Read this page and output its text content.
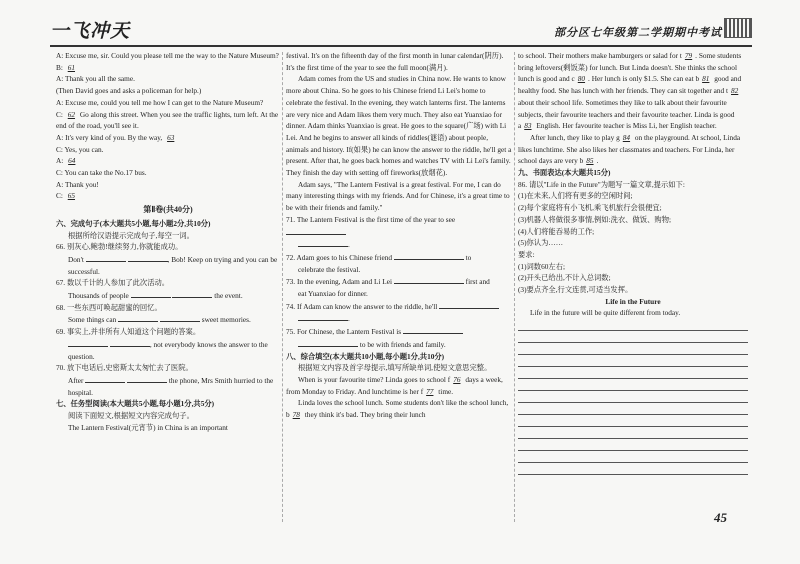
一飞冲天	部分区七年级第二学期期中考试

A: Excuse me, sir. Could you please tell me the way to the Nature Museum?

B: 61

A: Thank you all the same.

(Then David goes and asks a policeman for help.)

A: Excuse me, could you tell me how I can get to the Nature Museum?

C: 62 Go along this street. When you see the traffic lights, turn left. At the end of the road, you'll see it.

A: It's very kind of you. By the way, 63

C: Yes, you can.

A: 64

C: You can take the No.17 bus.

A: Thank you!

C: 65

第Ⅱ卷(共40分)

六、完成句子(本大题共5小题,每小题2分,共10分)

根据所给汉语提示完成句子,每空一词。

66. 别灰心,鲍勃!继续努力,你就能成功。

Don't	, Bob! Keep on trying and you can be successful.

67. 数以千计的人参加了此次活动。

Thousands of people	the event.

68. 一些东西可唤起甜蜜的回忆。

Some things can	sweet memories.

69. 事实上,并非所有人知道这个问题的答案。

, not everybody knows the answer to the question.

70. 放下电话后,史密斯太太匆忙去了医院。

After	the phone, Mrs Smith hurried to the hospital.

七、任务型阅读(本大题共5小题,每小题1分,共5分)

阅读下面短文,根据短文内容完成句子。

The Lantern Festival(元宵节) in China is an important

festival. It's on the fifteenth day of the first month in lunar calendar(阴历). It's the first time of the year to see the full moon(满月).

Adam comes from the US and studies in China now. He wants to know more about China. So he goes to his Chinese friend Li Lei's home to celebrate the festival. In the evening, they watch lanterns first. The lanterns are very nice and Adam likes them very much. They also eat Yuanxiao for dinner. Adam thinks Yuanxiao is great. He goes to the square(广场) with Li Lei. And he begins to answer all kinds of riddles(谜语) about people, animals and history. If(如果) he can know the answer to the riddle, he'll get a present. After that, he goes back homes and watches TV with Li Lei's family. They finish the day with setting off fireworks(放烟花).

Adam says, "The Lantern Festival is a great festival. For me, I can do many interesting things with my friends. And for Chinese, it's a great time to be with their friends and family."

71. The Lantern Festival is the first time of the year to see

.

72. Adam goes to his Chinese friend	to

celebrate the festival.

73. In the evening, Adam and Li Lei	first and

eat Yuanxiao for dinner.

74. If Adam can know the answer to the riddle, he'll

.

75. For Chinese, the Lantern Festival is

to be with friends and family.

八、综合填空(本大题共10小题,每小题1分,共10分)

根据短文内容及首字母提示,填写所缺单词,使短文意思完整。

When is your favourite time? Linda goes to school f 76 days a week, from Monday to Friday. And lunchtime is her f 77 time.

Linda loves the school lunch. Some students don't like the school lunch, b 78 they think it's bad. They bring their lunch

to school. Their mothers make hamburgers or salad for t 79 . Some students bring leftovers(剩饭菜) for lunch. But Linda doesn't. She thinks the school lunch is good and c 80 . Her lunch is only $1.5. She can eat b 81 good and healthy food. She has lunch with her friends. They can sit together and t 82 about their school life. Sometimes they like to talk about their favourite subjects, their favourite teachers and their favourite teacher. Linda is good a 83 English. Her favourite teacher is Miss Li, her English teacher.

After lunch, they like to play g 84 on the playground. At school, Linda likes lunchtime. She also likes her classmates and teachers. For Linda, her school days are very b 85 .

九、书面表达(本大题共15分)

86. 请以"Life in the Future"为题写一篇文章,提示如下:

(1)在未来,人们将有更多的空闲时间;

(2)每个家庭将有小飞机,乘飞机旅行会很便宜;

(3)机器人将做很多事情,例如:洗衣、做饭、购物;

(4)人们将能吞易的工作;

(5)你认为……

要求:

(1)词数60左右;

(2)开头已给出,不计入总词数;

(3)要点齐全,行文连贯,可适当发挥。

Life in the Future

Life in the future will be quite different from today.

45
